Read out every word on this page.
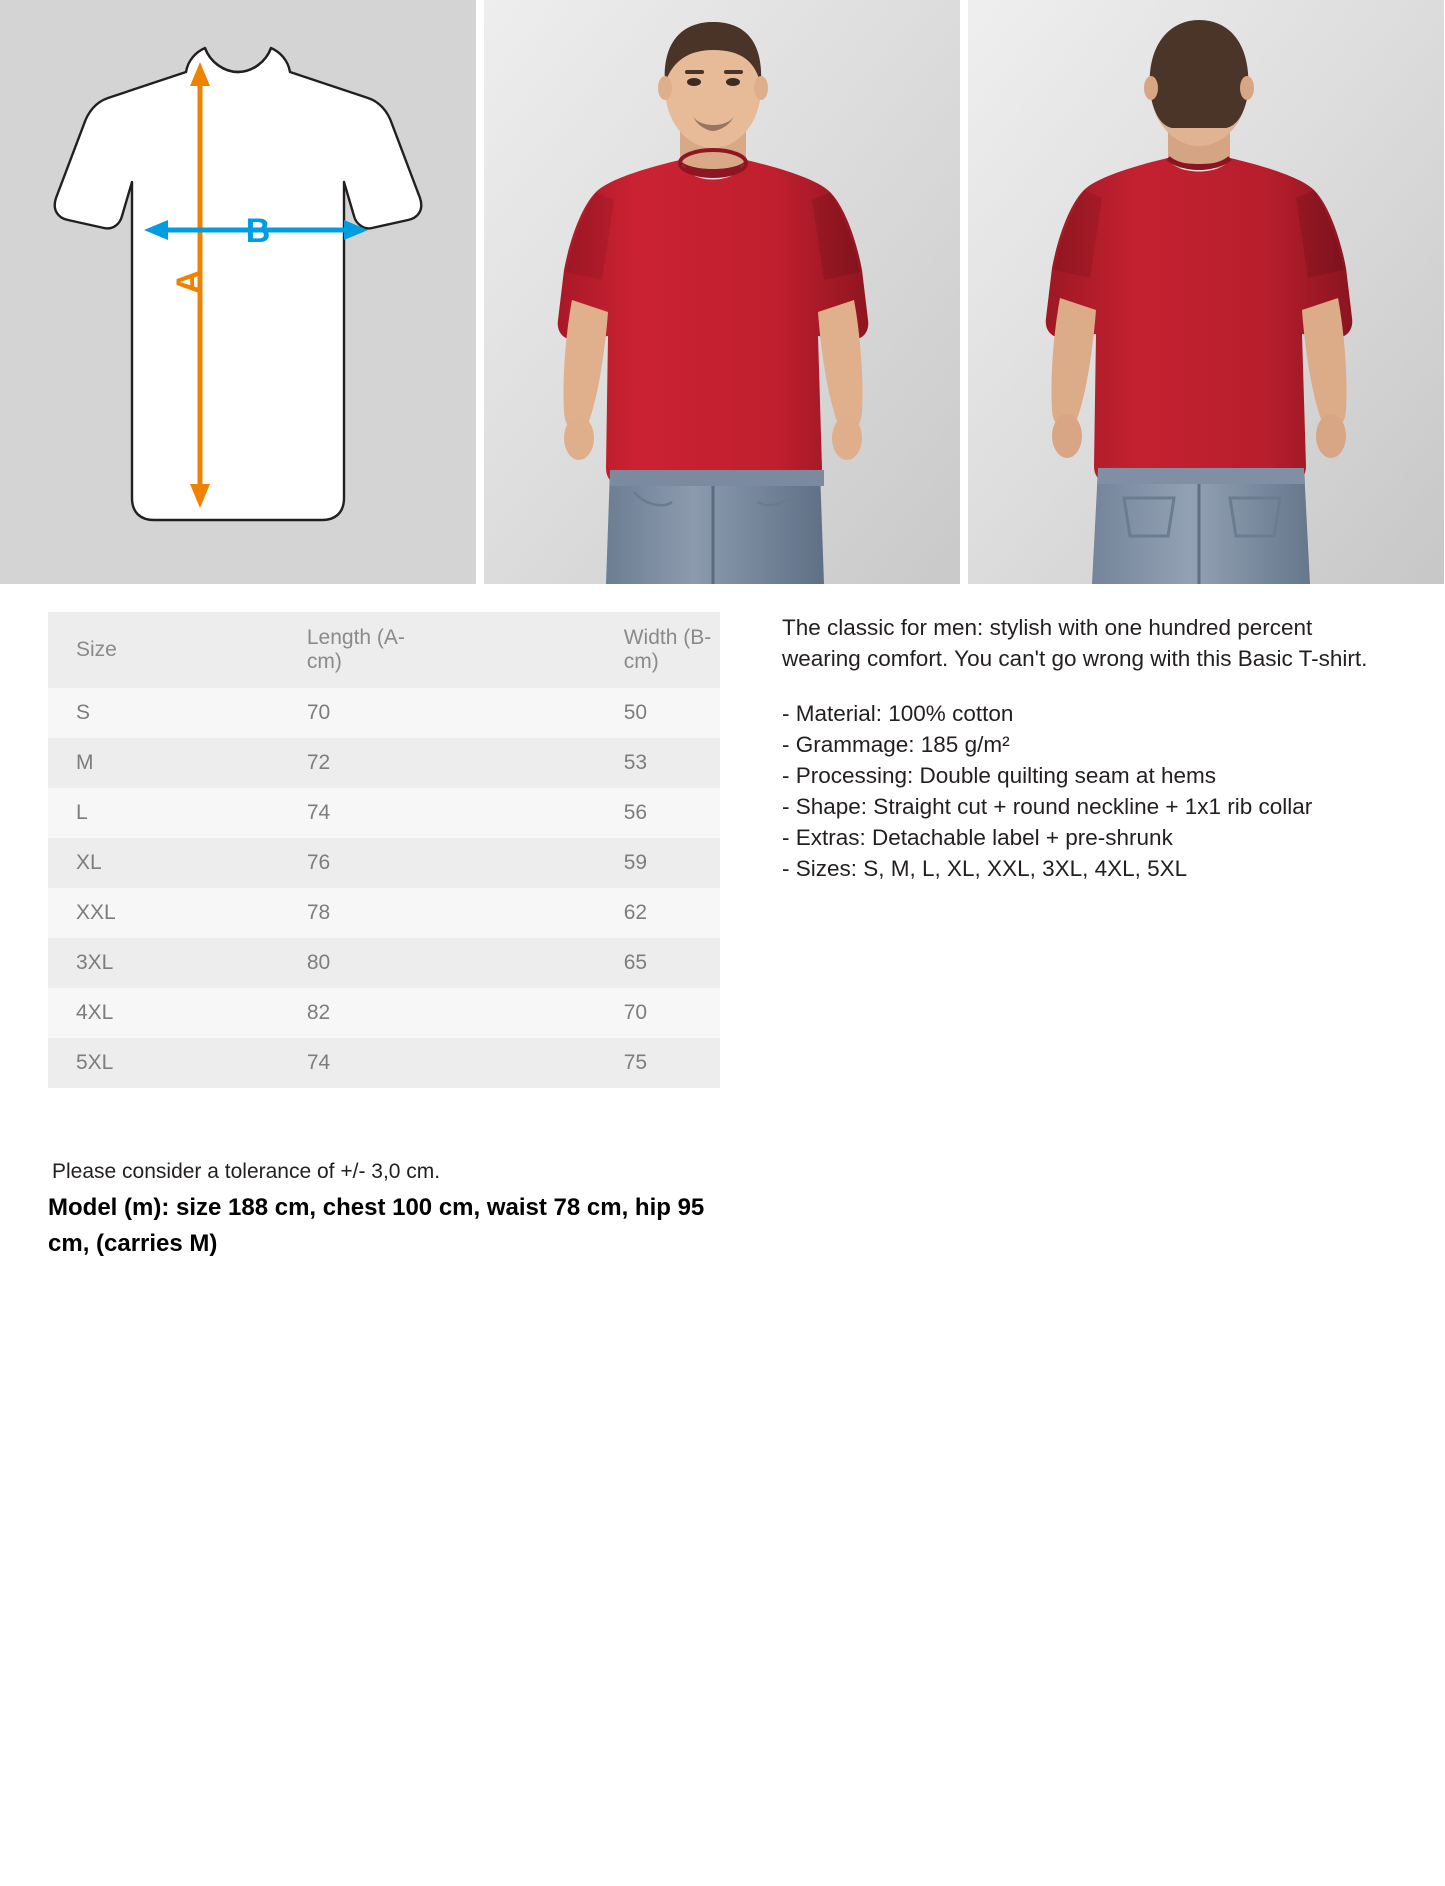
A
B
Size	Length (A-cm)	Width (B-cm)
S	70	50
M	72	53
L	74	56
XL	76	59
XXL	78	62
3XL	80	65
4XL	82	70
5XL	74	75

The classic for men: stylish with one hundred percent wearing comfort. You can't go wrong with this Basic T-shirt.

- Material: 100% cotton

- Grammage: 185 g/m²

- Processing: Double quilting seam at hems

- Shape: Straight cut + round neckline + 1x1 rib collar

- Extras: Detachable label + pre-shrunk

- Sizes: S, M, L, XL, XXL, 3XL, 4XL, 5XL

Please consider a tolerance of +/- 3,0 cm.

Model (m): size 188 cm, chest 100 cm, waist 78 cm, hip 95 cm, (carries M)
